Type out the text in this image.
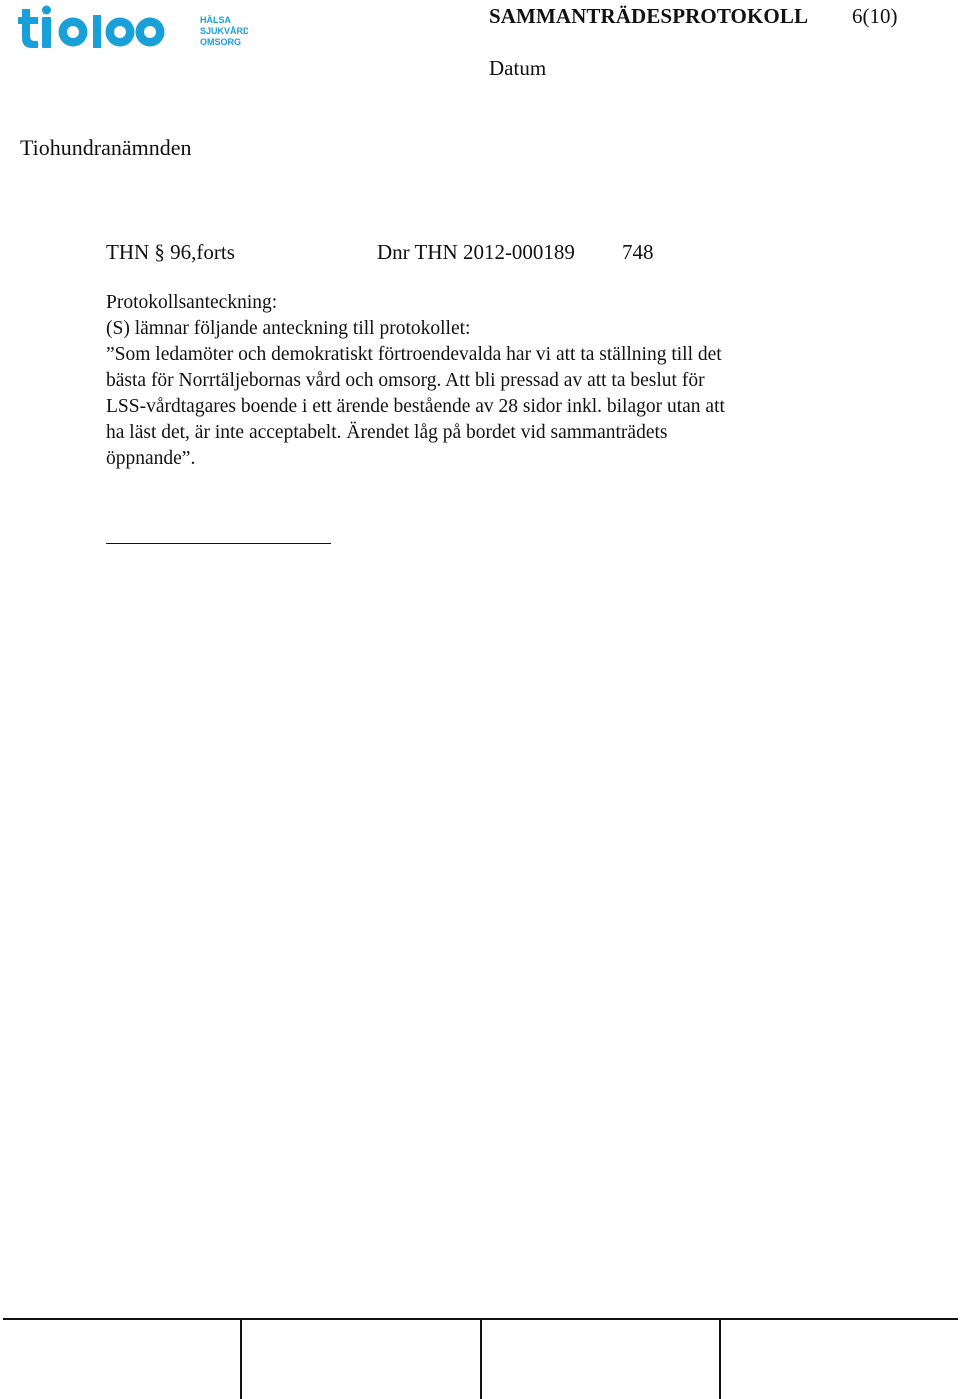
HÄLSA
SJUKVÅRD
OMSORG
SAMMANTRÄDESPROTOKOLL 6(10)
Datum
Tiohundranämnden
THN § 96,forts	Dnr THN 2012-000189 748
Protokollsanteckning:
(S) lämnar följande anteckning till protokollet:
”Som ledamöter och demokratiskt förtroendevalda har vi att ta ställning till det
bästa för Norrtäljebornas vård och omsorg. Att bli pressad av att ta beslut för
LSS-vårdtagares boende i ett ärende bestående av 28 sidor inkl. bilagor utan att
ha läst det, är inte acceptabelt. Ärendet låg på bordet vid sammanträdets
öppnande”.
